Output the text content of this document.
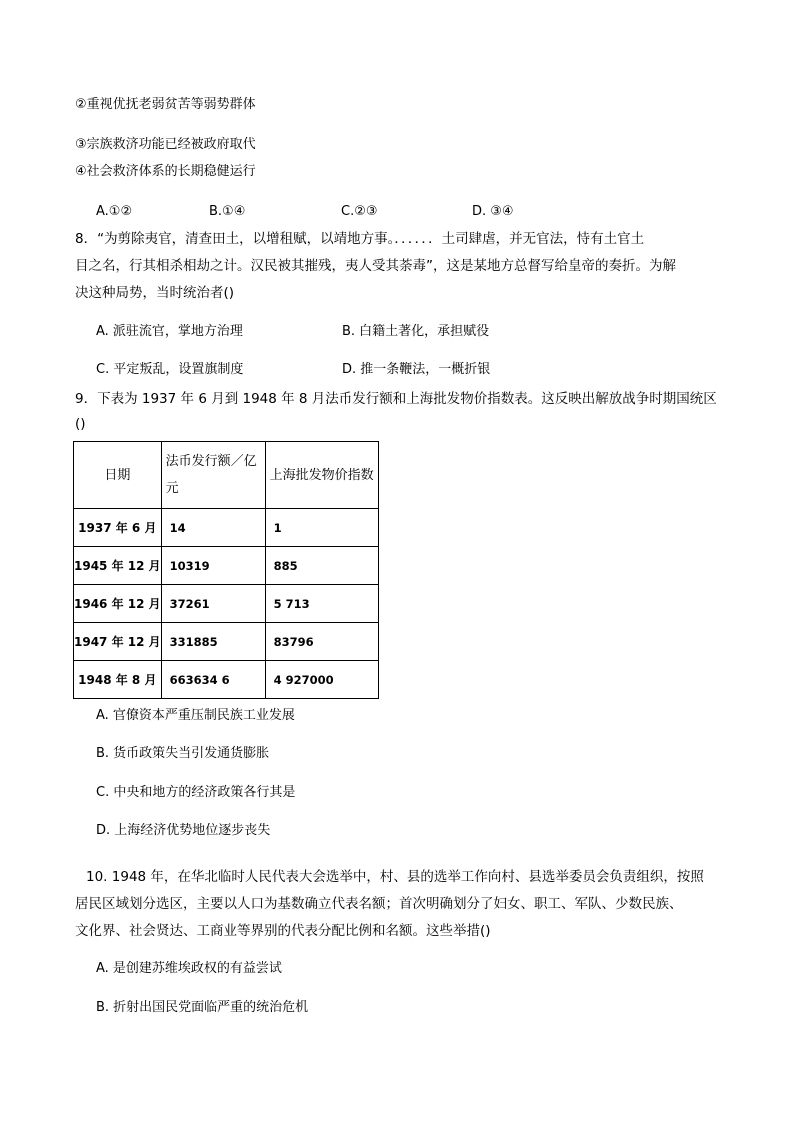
②重视优抚老弱贫苦等弱势群体
③宗族救济功能已经被政府取代
④社会救济体系的长期稳健运行
A.①②	B.①④	C.②③	D. ③④
8．“为剪除夷官，清查田土，以增租赋，以靖地方事。．．．．．．土司肆虐，并无官法，恃有土官土
目之名，行其相杀相劫之计。汉民被其摧残，夷人受其荼毒”，这是某地方总督写给皇帝的奏折。为解
决这种局势，当时统治者()
A. 派驻流官，掌地方治理	B. 白籍土著化，承担赋役
C. 平定叛乱，设置旗制度	D. 推一条鞭法，一概折银
9．下表为 1937 年 6 月到 1948 年 8 月法币发行额和上海批发物价指数表。这反映出解放战争时期国统区
()
日期	法币发行额／亿元	上海批发物价指数

1937 年 6 月	14	1
1945 年 12 月	10319	885
1946 年 12 月	37261	5 713
1947 年 12 月	331885	83796
1948 年 8 月	663634 6	4 927000
A. 官僚资本严重压制民族工业发展
B. 货币政策失当引发通货膨胀
C. 中央和地方的经济政策各行其是
D. 上海经济优势地位逐步丧失
10. 1948 年，在华北临时人民代表大会选举中，村、县的选举工作向村、县选举委员会负责组织，按照
居民区域划分选区，主要以人口为基数确立代表名额；首次明确划分了妇女、职工、军队、少数民族、
文化界、社会贤达、工商业等界别的代表分配比例和名额。这些举措()
A. 是创建苏维埃政权的有益尝试
B. 折射出国民党面临严重的统治危机
